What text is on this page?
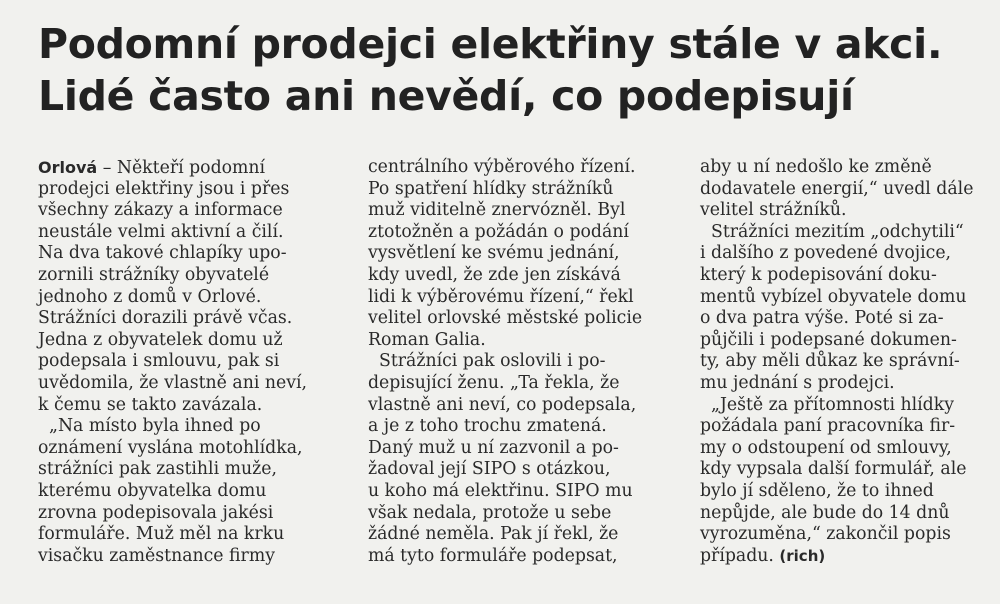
Podomní prodejci elektřiny stále v akci.
Lidé často ani nevědí, co podepisují
Orlová – Někteří podomní
prodejci elektřiny jsou i přes
všechny zákazy a informace
neustále velmi aktivní a čilí.
Na dva takové chlapíky upo-
zornili strážníky obyvatelé
jednoho z domů v Orlové.
Strážníci dorazili právě včas.
Jedna z obyvatelek domu už
podepsala i smlouvu, pak si
uvědomila, že vlastně ani neví,
k čemu se takto zavázala.
„Na místo byla ihned po
oznámení vyslána motohlídka,
strážníci pak zastihli muže,
kterému obyvatelka domu
zrovna podepisovala jakési
formuláře. Muž měl na krku
visačku zaměstnance firmy
centrálního výběrového řízení.
Po spatření hlídky strážníků
muž viditelně znervózněl. Byl
ztotožněn a požádán o podání
vysvětlení ke svému jednání,
kdy uvedl, že zde jen získává
lidi k výběrovému řízení,“ řekl
velitel orlovské městské policie
Roman Galia.
Strážníci pak oslovili i po-
depisující ženu. „Ta řekla, že
vlastně ani neví, co podepsala,
a je z toho trochu zmatená.
Daný muž u ní zazvonil a po-
žadoval její SIPO s otázkou,
u koho má elektřinu. SIPO mu
však nedala, protože u sebe
žádné neměla. Pak jí řekl, že
má tyto formuláře podepsat,
aby u ní nedošlo ke změně
dodavatele energií,“ uvedl dále
velitel strážníků.
Strážníci mezitím „odchytili“
i dalšího z povedené dvojice,
který k podepisování doku-
mentů vybízel obyvatele domu
o dva patra výše. Poté si za-
půjčili i podepsané dokumen-
ty, aby měli důkaz ke správní-
mu jednání s prodejci.
„Ještě za přítomnosti hlídky
požádala paní pracovníka fir-
my o odstoupení od smlouvy,
kdy vypsala další formulář, ale
bylo jí sděleno, že to ihned
nepůjde, ale bude do 14 dnů
vyrozuměna,“ zakončil popis
případu. (rich)
